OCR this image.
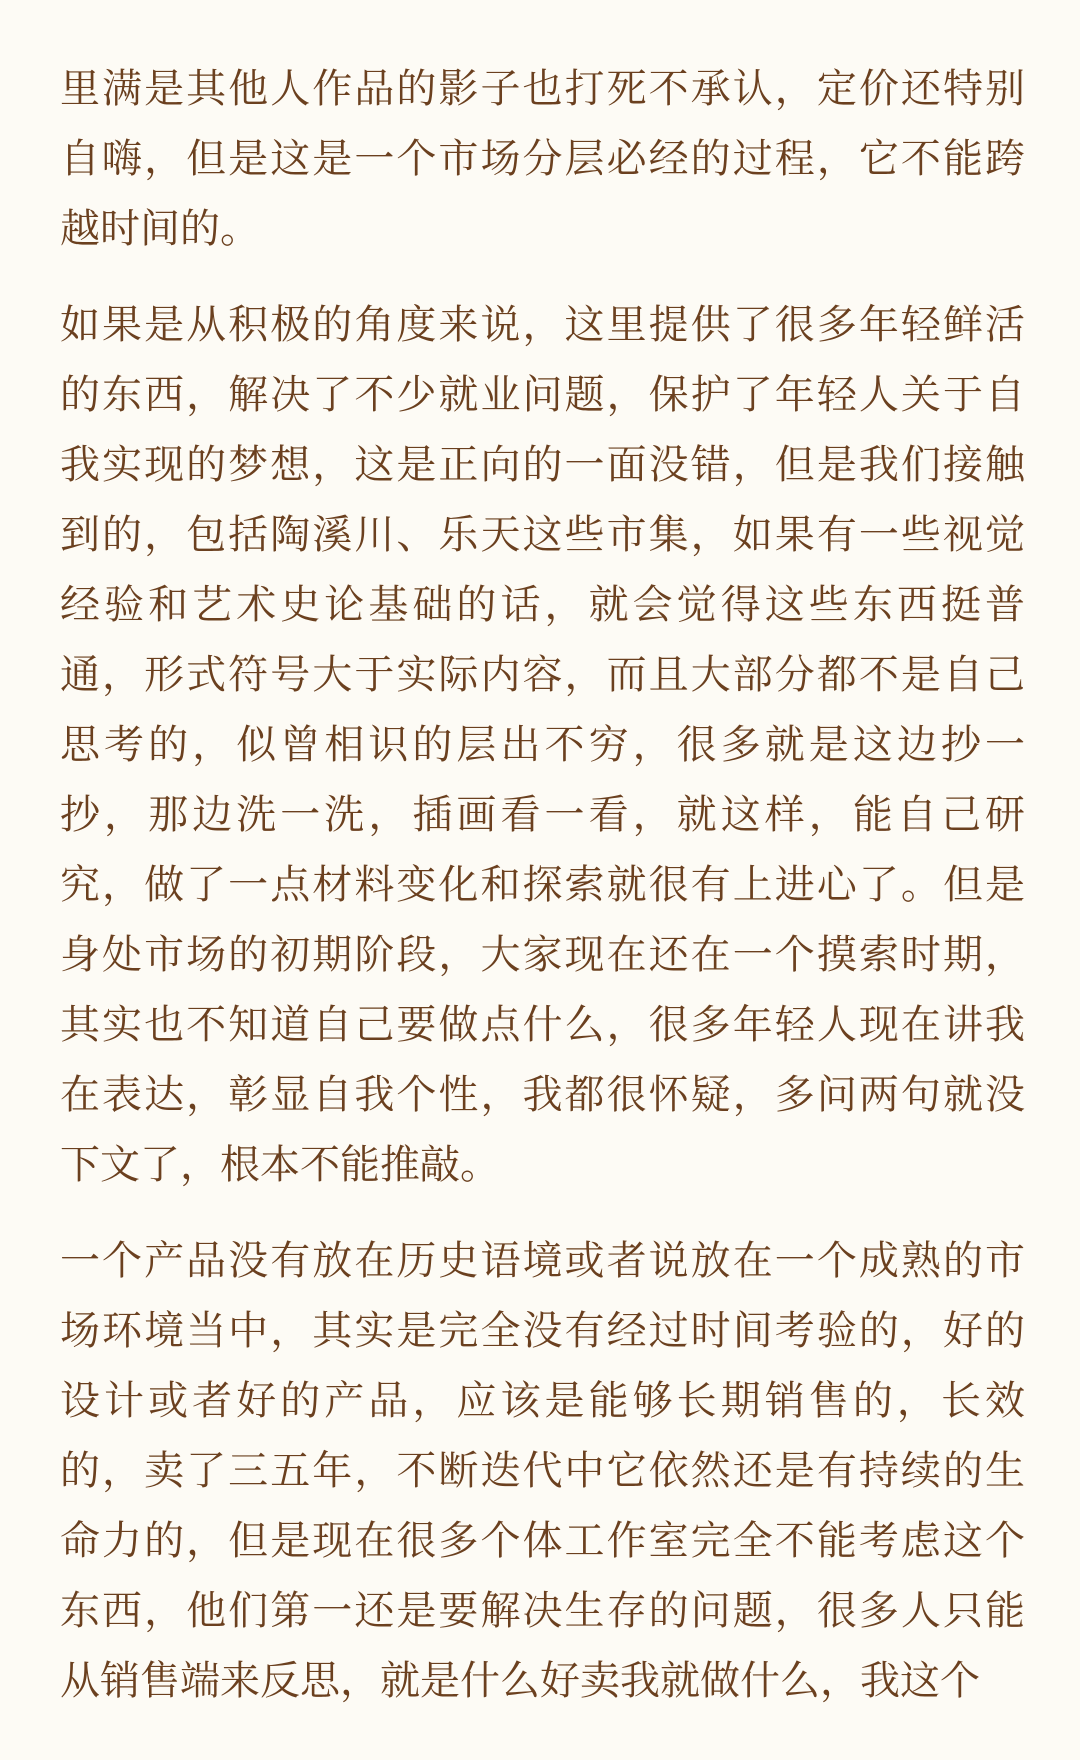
里满是其他人作品的影子也打死不承认，定价还特别
自嗨，但是这是一个市场分层必经的过程，它不能跨
越时间的。

如果是从积极的角度来说，这里提供了很多年轻鲜活
的东西，解决了不少就业问题，保护了年轻人关于自
我实现的梦想，这是正向的一面没错，但是我们接触
到的，包括陶溪川、乐天这些市集，如果有一些视觉
经验和艺术史论基础的话，就会觉得这些东西挺普
通，形式符号大于实际内容，而且大部分都不是自己
思考的，似曾相识的层出不穷，很多就是这边抄一
抄，那边洗一洗，插画看一看，就这样，能自己研
究，做了一点材料变化和探索就很有上进心了。但是
身处市场的初期阶段，大家现在还在一个摸索时期，
其实也不知道自己要做点什么，很多年轻人现在讲我
在表达，彰显自我个性，我都很怀疑，多问两句就没
下文了，根本不能推敲。

一个产品没有放在历史语境或者说放在一个成熟的市
场环境当中，其实是完全没有经过时间考验的，好的
设计或者好的产品，应该是能够长期销售的，长效
的，卖了三五年，不断迭代中它依然还是有持续的生
命力的，但是现在很多个体工作室完全不能考虑这个
东西，他们第一还是要解决生存的问题，很多人只能
从销售端来反思，就是什么好卖我就做什么，我这个
